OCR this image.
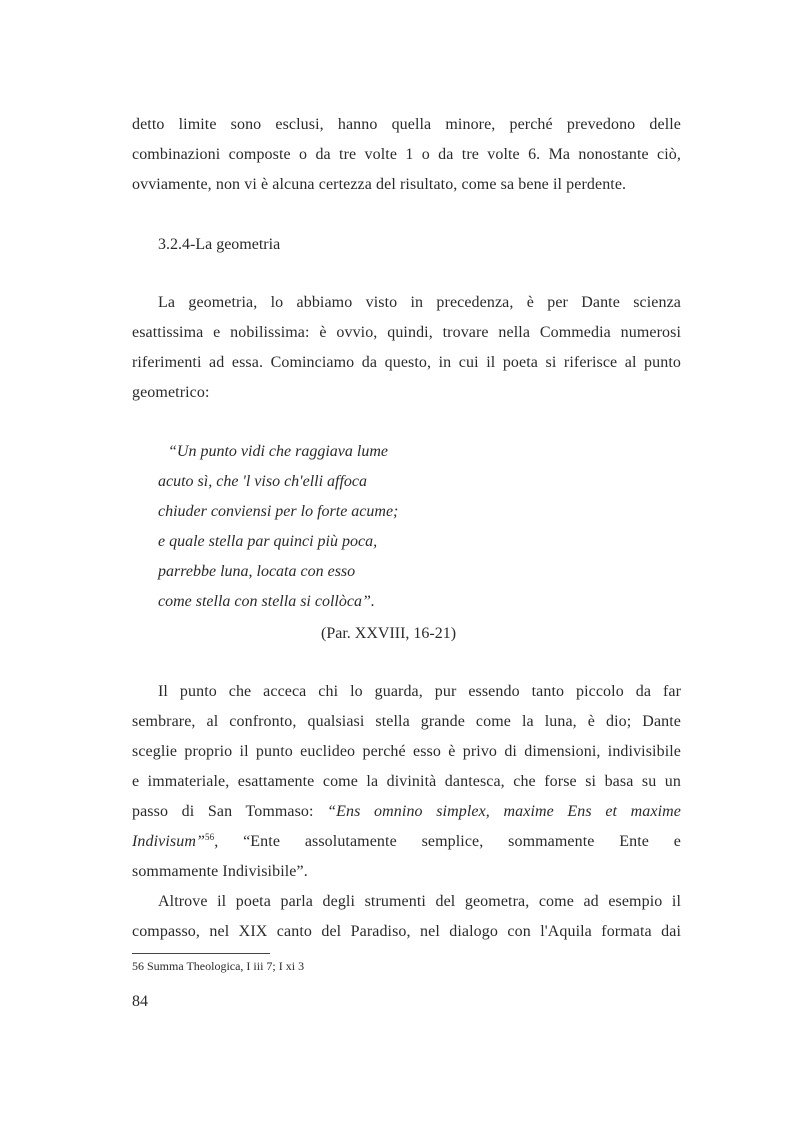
detto limite sono esclusi, hanno quella minore, perché prevedono delle
combinazioni composte o da tre volte 1 o da tre volte 6. Ma nonostante ciò,
ovviamente, non vi è alcuna certezza del risultato, come sa bene il perdente.

3.2.4-La geometria

La geometria, lo abbiamo visto in precedenza, è per Dante scienza
esattissima e nobilissima: è ovvio, quindi, trovare nella Commedia numerosi
riferimenti ad essa. Cominciamo da questo, in cui il poeta si riferisce al punto
geometrico:
“Un punto vidi che raggiava lume
acuto sì, che 'l viso ch'elli affoca
chiuder conviensi per lo forte acume;
e quale stella par quinci più poca,
parrebbe luna, locata con esso
come stella con stella si collòca”.
(Par. XXVIII, 16-21)
Il punto che acceca chi lo guarda, pur essendo tanto piccolo da far
sembrare, al confronto, qualsiasi stella grande come la luna, è dio; Dante
sceglie proprio il punto euclideo perché esso è privo di dimensioni, indivisibile
e immateriale, esattamente come la divinità dantesca, che forse si basa su un
passo di San Tommaso: “Ens omnino simplex, maxime Ens et maxime
Indivisum”$^{56}$, “Ente assolutamente semplice, sommamente Ente e
sommamente Indivisibile”.
Altrove il poeta parla degli strumenti del geometra, come ad esempio il
compasso, nel XIX canto del Paradiso, nel dialogo con l'Aquila formata dai
56 Summa Theologica, I iii 7; I xi 3
84
